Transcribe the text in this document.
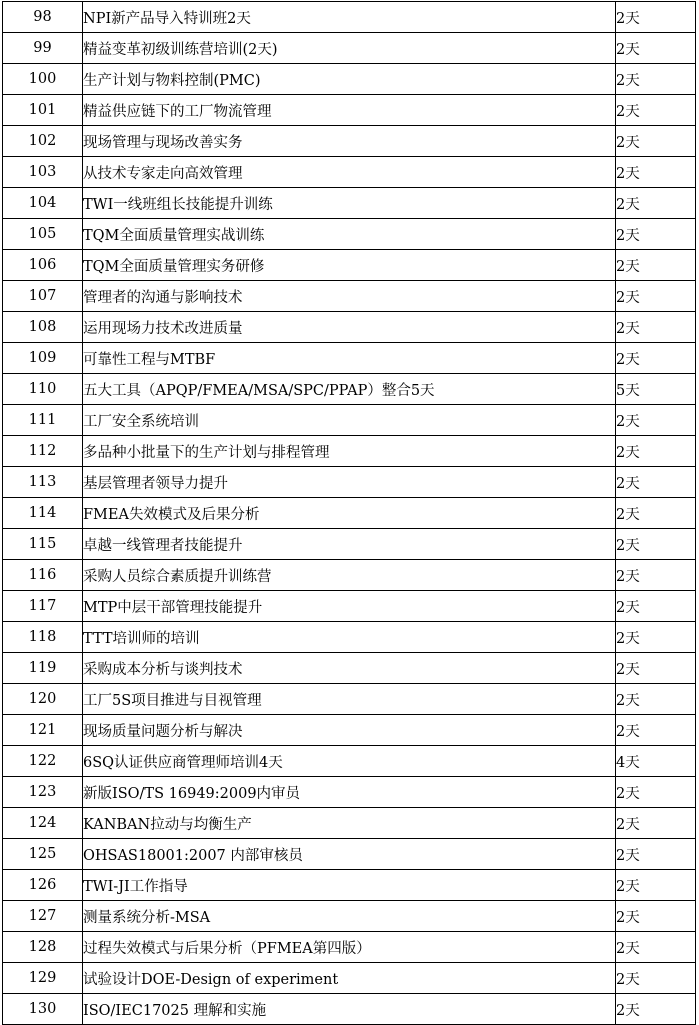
98	NPI新产品导入特训班2天	2天
99	精益变革初级训练营培训(2天)	2天
100	生产计划与物料控制(PMC)	2天
101	精益供应链下的工厂物流管理	2天
102	现场管理与现场改善实务	2天
103	从技术专家走向高效管理	2天
104	TWI一线班组长技能提升训练	2天
105	TQM全面质量管理实战训练	2天
106	TQM全面质量管理实务研修	2天
107	管理者的沟通与影响技术	2天
108	运用现场力技术改进质量	2天
109	可靠性工程与MTBF	2天
110	五大工具（APQP/FMEA/MSA/SPC/PPAP）整合5天	5天
111	工厂安全系统培训	2天
112	多品种小批量下的生产计划与排程管理	2天
113	基层管理者领导力提升	2天
114	FMEA失效模式及后果分析	2天
115	卓越一线管理者技能提升	2天
116	采购人员综合素质提升训练营	2天
117	MTP中层干部管理技能提升	2天
118	TTT培训师的培训	2天
119	采购成本分析与谈判技术	2天
120	工厂5S项目推进与目视管理	2天
121	现场质量问题分析与解决	2天
122	6SQ认证供应商管理师培训4天	4天
123	新版ISO/TS 16949:2009内审员	2天
124	KANBAN拉动与均衡生产	2天
125	OHSAS18001:2007 内部审核员	2天
126	TWI-JI工作指导	2天
127	测量系统分析-MSA	2天
128	过程失效模式与后果分析（PFMEA第四版）	2天
129	试验设计DOE-Design of experiment	2天
130	ISO/IEC17025 理解和实施	2天
